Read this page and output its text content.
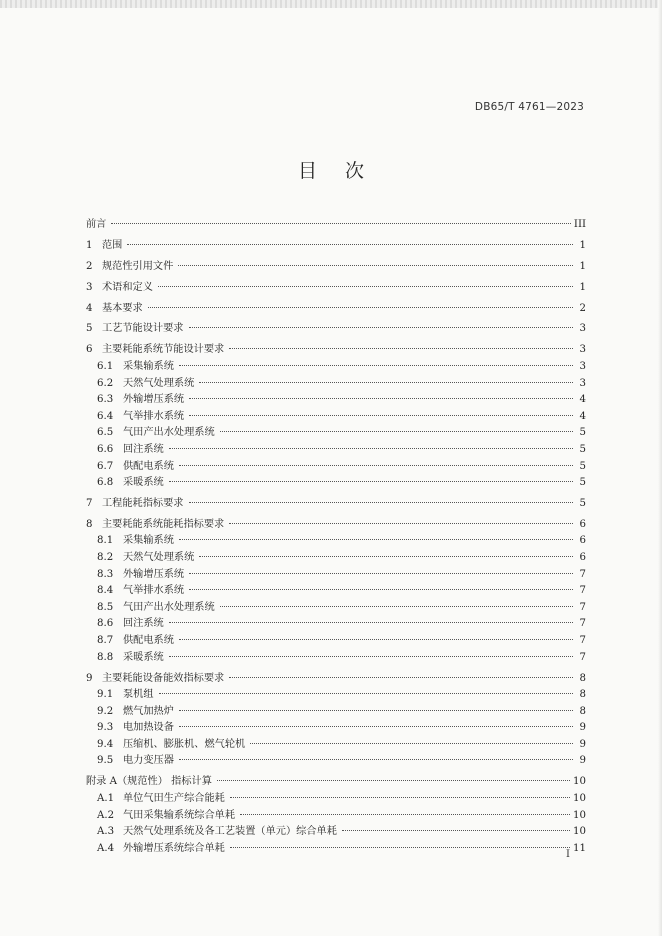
DB65/T 4761—2023
目次
前言	III
1 范围	1
2 规范性引用文件	1
3 术语和定义	1
4 基本要求	2
5 工艺节能设计要求	3
6 主要耗能系统节能设计要求	3
6.1 采集输系统	3
6.2 天然气处理系统	3
6.3 外输增压系统	4
6.4 气举排水系统	4
6.5 气田产出水处理系统	5
6.6 回注系统	5
6.7 供配电系统	5
6.8 采暖系统	5
7 工程能耗指标要求	5
8 主要耗能系统能耗指标要求	6
8.1 采集输系统	6
8.2 天然气处理系统	6
8.3 外输增压系统	7
8.4 气举排水系统	7
8.5 气田产出水处理系统	7
8.6 回注系统	7
8.7 供配电系统	7
8.8 采暖系统	7
9 主要耗能设备能效指标要求	8
9.1 泵机组	8
9.2 燃气加热炉	8
9.3 电加热设备	9
9.4 压缩机、膨胀机、燃气轮机	9
9.5 电力变压器	9
附录 A（规范性） 指标计算	10
A.1 单位气田生产综合能耗	10
A.2 气田采集输系统综合单耗	10
A.3 天然气处理系统及各工艺装置（单元）综合单耗	10
A.4 外输增压系统综合单耗	11
I
